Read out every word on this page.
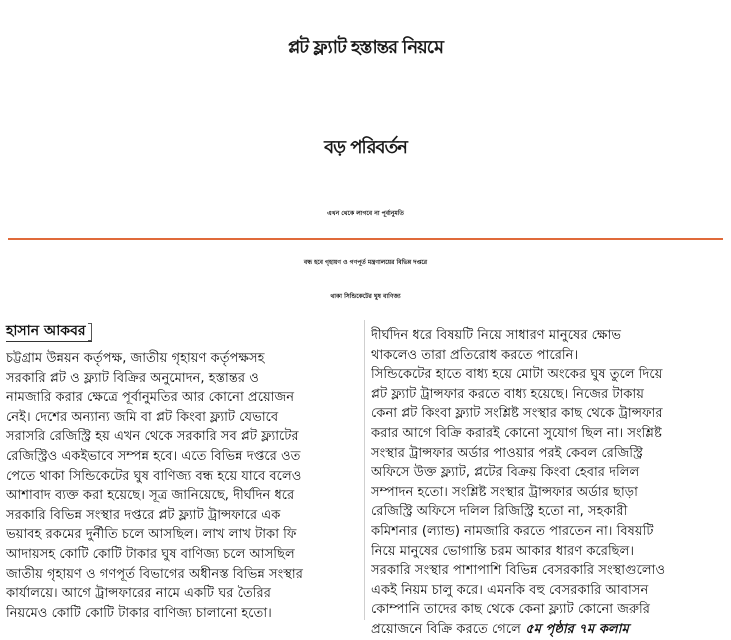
প্লট ফ্ল্যাট হস্তান্তর নিয়মে
বড় পরিবর্তন
এখন থেকে লাগবে না পূর্বানুমতি
বন্ধ হবে গৃহায়ণ ও গণপূর্ত মন্ত্রণালয়ের বিভিন্ন দপ্তরে
থাকা সিন্ডিকেটের ঘুষ বাণিজ্য
হাসান আকবর
চট্টগ্রাম উন্নয়ন কর্তৃপক্ষ, জাতীয় গৃহায়ণ কর্তৃপক্ষসহ
সরকারি প্লট ও ফ্ল্যাট বিক্রির অনুমোদন, হস্তান্তর ও
নামজারি করার ক্ষেত্রে পূর্বানুমতির আর কোনো প্রয়োজন
নেই। দেশের অন্যান্য জমি বা প্লট কিংবা ফ্ল্যাট যেভাবে
সরাসরি রেজিস্ট্রি হয় এখন থেকে সরকারি সব প্লট ফ্ল্যাটের
রেজিস্ট্রিও একইভাবে সম্পন্ন হবে। এতে বিভিন্ন দপ্তরে ওত
পেতে থাকা সিন্ডিকেটের ঘুষ বাণিজ্য বন্ধ হয়ে যাবে বলেও
আশাবাদ ব্যক্ত করা হয়েছে। সূত্র জানিয়েছে, দীর্ঘদিন ধরে
সরকারি বিভিন্ন সংস্থার দপ্তরে প্লট ফ্ল্যাট ট্রান্সফারে এক
ভয়াবহ রকমের দুর্নীতি চলে আসছিল। লাখ লাখ টাকা ফি
আদায়সহ কোটি কোটি টাকার ঘুষ বাণিজ্য চলে আসছিল
জাতীয় গৃহায়ণ ও গণপূর্ত বিভাগের অধীনস্ত বিভিন্ন সংস্থার
কার্যালয়ে। আগে ট্রান্সফারের নামে একটি ঘর তৈরির
নিয়মেও কোটি কোটি টাকার বাণিজ্য চালানো হতো।
দীর্ঘদিন ধরে বিষয়টি নিয়ে সাধারণ মানুষের ক্ষোভ
থাকলেও তারা প্রতিরোধ করতে পারেনি।
সিন্ডিকেটের হাতে বাধ্য হয়ে মোটা অংকের ঘুষ তুলে দিয়ে
প্লট ফ্ল্যাট ট্রান্সফার করতে বাধ্য হয়েছে। নিজের টাকায়
কেনা প্লট কিংবা ফ্ল্যাট সংশ্লিষ্ট সংস্থার কাছ থেকে ট্রান্সফার
করার আগে বিক্রি করারই কোনো সুযোগ ছিল না। সংশ্লিষ্ট
সংস্থার ট্রান্সফার অর্ডার পাওয়ার পরই কেবল রেজিস্ট্রি
অফিসে উক্ত ফ্ল্যাট, প্লটের বিক্রয় কিংবা হেবার দলিল
সম্পাদন হতো। সংশ্লিষ্ট সংস্থার ট্রান্সফার অর্ডার ছাড়া
রেজিস্ট্রি অফিসে দলিল রিজিস্ট্রি হতো না, সহকারী
কমিশনার (ল্যান্ড) নামজারি করতে পারতেন না। বিষয়টি
নিয়ে মানুষের ভোগান্তি চরম আকার ধারণ করেছিল।
সরকারি সংস্থার পাশাপাশি বিভিন্ন বেসরকারি সংস্থাগুলোও
একই নিয়ম চালু করে। এমনকি বহু বেসরকারি আবাসন
কোম্পানি তাদের কাছ থেকে কেনা ফ্ল্যাট কোনো জরুরি
প্রয়োজনে বিক্রি করতে গেলে ৫ম পৃষ্ঠার ৭ম কলাম
